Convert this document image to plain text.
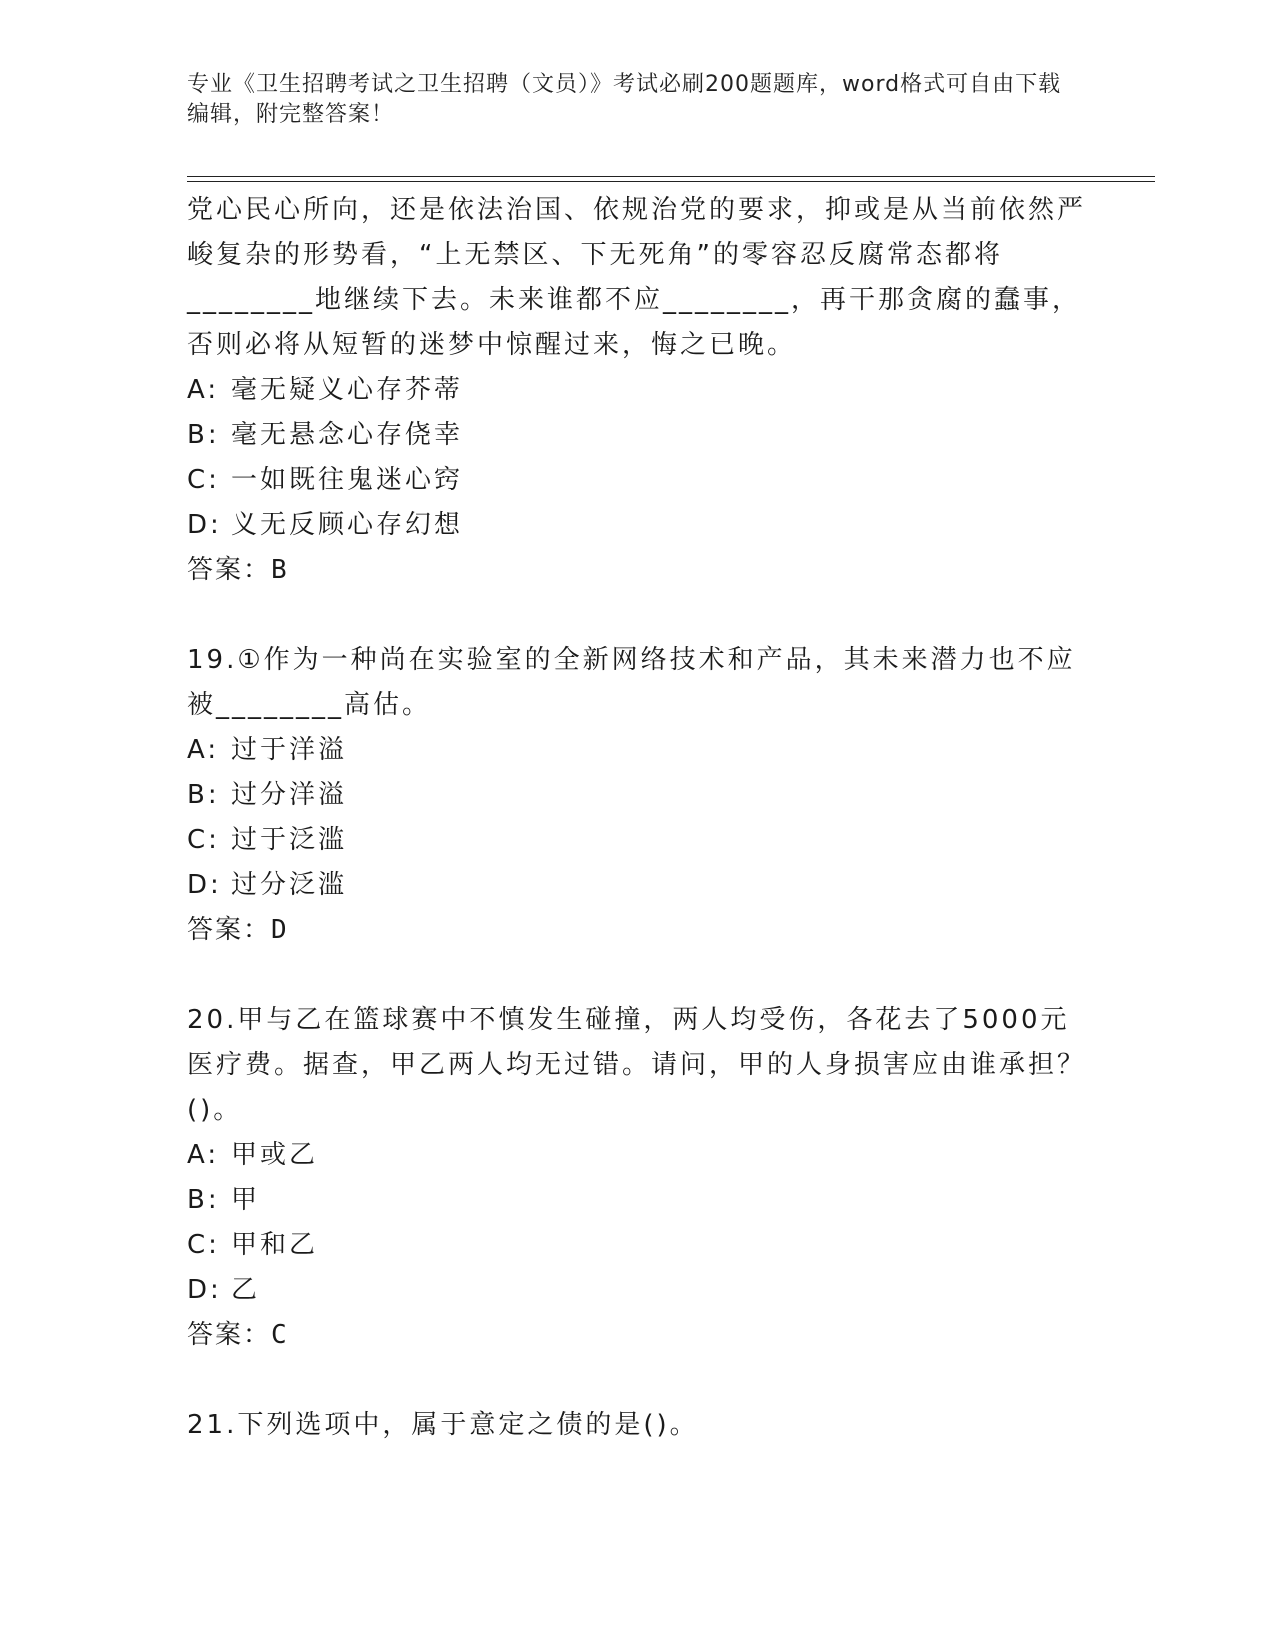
专业《卫生招聘考试之卫生招聘（文员）》考试必刷200题题库，word格式可自由下载编辑，附完整答案！

党心民心所向，还是依法治国、依规治党的要求，抑或是从当前依然严峻复杂的形势看，“上无禁区、下无死角”的零容忍反腐常态都将________地继续下去。未来谁都不应________，再干那贪腐的蠢事，否则必将从短暂的迷梦中惊醒过来，悔之已晚。

A: 毫无疑义心存芥蒂

B: 毫无悬念心存侥幸

C: 一如既往鬼迷心窍

D: 义无反顾心存幻想

答案：B

19.①作为一种尚在实验室的全新网络技术和产品，其未来潜力也不应被________高估。

A: 过于洋溢

B: 过分洋溢

C: 过于泛滥

D: 过分泛滥

答案：D

20.甲与乙在篮球赛中不慎发生碰撞，两人均受伤，各花去了5000元医疗费。据查，甲乙两人均无过错。请问，甲的人身损害应由谁承担？()。

A: 甲或乙

B: 甲

C: 甲和乙

D: 乙

答案：C

21.下列选项中，属于意定之债的是()。
